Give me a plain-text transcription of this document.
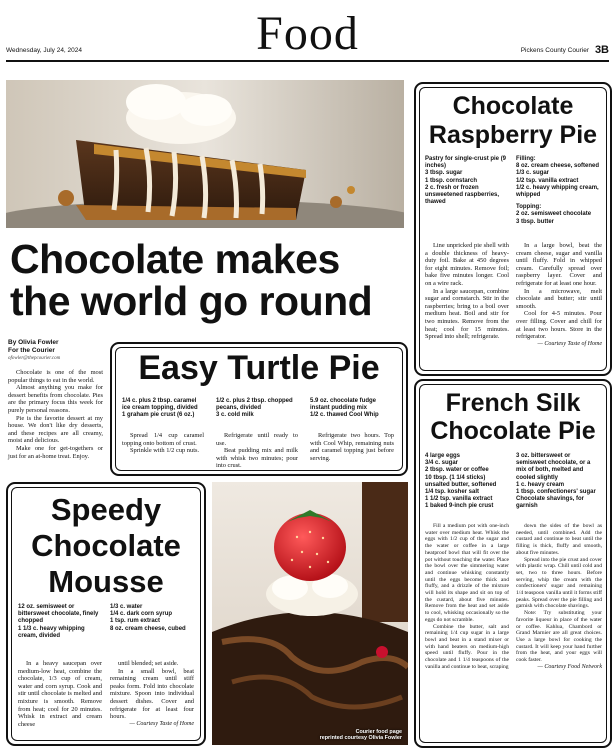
Wednesday, July 24, 2024	Food	Pickens County Courier 3B
Chocolate makes the world go round
By Olivia Fowler
For the Courier
ofowler@thepcourier.com

Chocolate is one of the most popular things to eat in the world.

Almost anything you make for dessert benefits from chocolate. Pies are the primary focus this week for purely personal reasons.

Pie is the favorite dessert at my house. We don't like dry desserts, and these recipes are all creamy, moist and delicious.

Make one for get-togethers or just for an at-home treat. Enjoy.

Easy Turtle Pie
1/4 c. plus 2 tbsp. caramel ice cream topping, divided
1 graham pie crust (6 oz.)
1/2 c. plus 2 tbsp. chopped pecans, divided
3 c. cold milk
5.9 oz. chocolate fudge instant pudding mix
1/2 c. thawed Cool Whip

Spread 1/4 cup caramel topping onto bottom of crust.

Sprinkle with 1/2 cup nuts.

Refrigerate until ready to use.

Beat pudding mix and milk with whisk two minutes; pour into crust.

Refrigerate two hours. Top with Cool Whip, remaining nuts and caramel topping just before serving.

Chocolate
Raspberry Pie
Pastry for single-crust pie (9 inches)
3 tbsp. sugar
1 tbsp. cornstarch
2 c. fresh or frozen unsweetened raspberries, thawed
Filling:
8 oz. cream cheese, softened
1/3 c. sugar
1/2 tsp. vanilla extract
1/2 c. heavy whipping cream, whipped
Topping:
2 oz. semisweet chocolate
3 tbsp. butter

Line unpricked pie shell with a double thickness of heavy-duty foil. Bake at 450 degrees for eight minutes. Remove foil; bake five minutes longer. Cool on a wire rack.

In a large saucepan, combine sugar and cornstarch. Stir in the raspberries; bring to a boil over medium heat. Boil and stir for two minutes. Remove from the heat; cool for 15 minutes. Spread into shell; refrigerate.

In a large bowl, beat the cream cheese, sugar and vanilla until fluffy. Fold in whipped cream. Carefully spread over raspberry layer. Cover and refrigerate for at least one hour.

In a microwave, melt chocolate and butter; stir until smooth.

Cool for 4-5 minutes. Pour over filling. Cover and chill for at least two hours. Store in the refrigerator.

— Courtesy Taste of Home
French Silk
Chocolate Pie
4 large eggs
3/4 c. sugar
2 tbsp. water or coffee
10 tbsp. (1 1/4 sticks) unsalted butter, softened
1/4 tsp. kosher salt
1 1/2 tsp. vanilla extract
1 baked 9-inch pie crust
3 oz. bittersweet or semisweet chocolate, or a mix of both, melted and cooled slightly
1 c. heavy cream
1 tbsp. confectioners' sugar
Chocolate shavings, for garnish

Fill a medium pot with one-inch water over medium heat. Whisk the eggs with 1/2 cup of the sugar and the water or coffee in a large heatproof bowl that will fit over the pot without touching the water. Place the bowl over the simmering water and continue whisking constantly until the eggs become thick and fluffy, and a drizzle of the mixture will hold its shape and sit on top of the custard, about five minutes. Remove from the heat and set aside to cool, whisking occasionally so the eggs do not scramble.

Combine the butter, salt and remaining 1/4 cup sugar in a large bowl and beat in a stand mixer or with hand beaters on medium-high speed until fluffy. Pour in the chocolate and 1 1/4 teaspoons of the vanilla and continue to beat, scraping

down the sides of the bowl as needed, until combined. Add the custard and continue to beat until the filling is thick, fluffy and smooth, about five minutes.

Spread into the pie crust and cover with plastic wrap. Chill until cold and set, two to three hours. Before serving, whip the cream with the confectioners' sugar and remaining 1/4 teaspoon vanilla until it forms stiff peaks. Spread over the pie filling and garnish with chocolate shavings.

Note: Try substituting your favorite liqueur in place of the water or coffee. Kahlua, Chambord or Grand Marnier are all great choices. Use a large bowl for cooking the custard. It will keep your hand further from the heat, and your eggs will cook faster.

— Courtesy Food Network
Speedy
Chocolate
Mousse
12 oz. semisweet or bittersweet chocolate, finely chopped
1 1/3 c. heavy whipping cream, divided
1/3 c. water
1/4 c. dark corn syrup
1 tsp. rum extract
8 oz. cream cheese, cubed

In a heavy saucepan over medium-low heat, combine the chocolate, 1/3 cup of cream, water and corn syrup. Cook and stir until chocolate is melted and mixture is smooth. Remove from heat; cool for 20 minutes. Whisk in extract and cream cheese

until blended; set aside.

In a small bowl, beat remaining cream until stiff peaks form. Fold into chocolate mixture. Spoon into individual dessert dishes. Cover and refrigerate for at least four hours.

— Courtesy Taste of Home
Courier food page
reprinted courtesy Olivia Fowler
